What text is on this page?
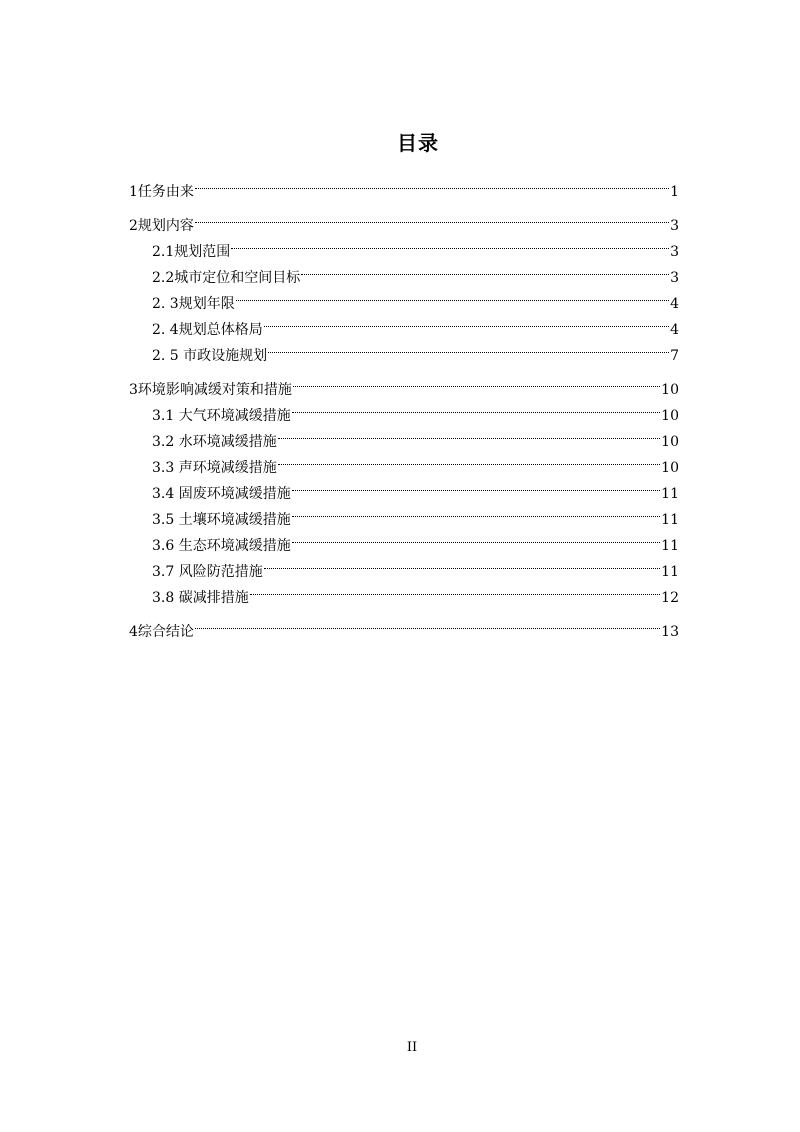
目录
1任务由来	1
2规划内容	3
2.1规划范围	3
2.2城市定位和空间目标	3
2. 3规划年限	4
2. 4规划总体格局	4
2. 5 市政设施规划	7
3环境影响减缓对策和措施	10
3.1 大气环境减缓措施	10
3.2 水环境减缓措施	10
3.3 声环境减缓措施	10
3.4 固废环境减缓措施	11
3.5 土壤环境减缓措施	11
3.6 生态环境减缓措施	11
3.7 风险防范措施	11
3.8 碳减排措施	12
4综合结论	13
II
